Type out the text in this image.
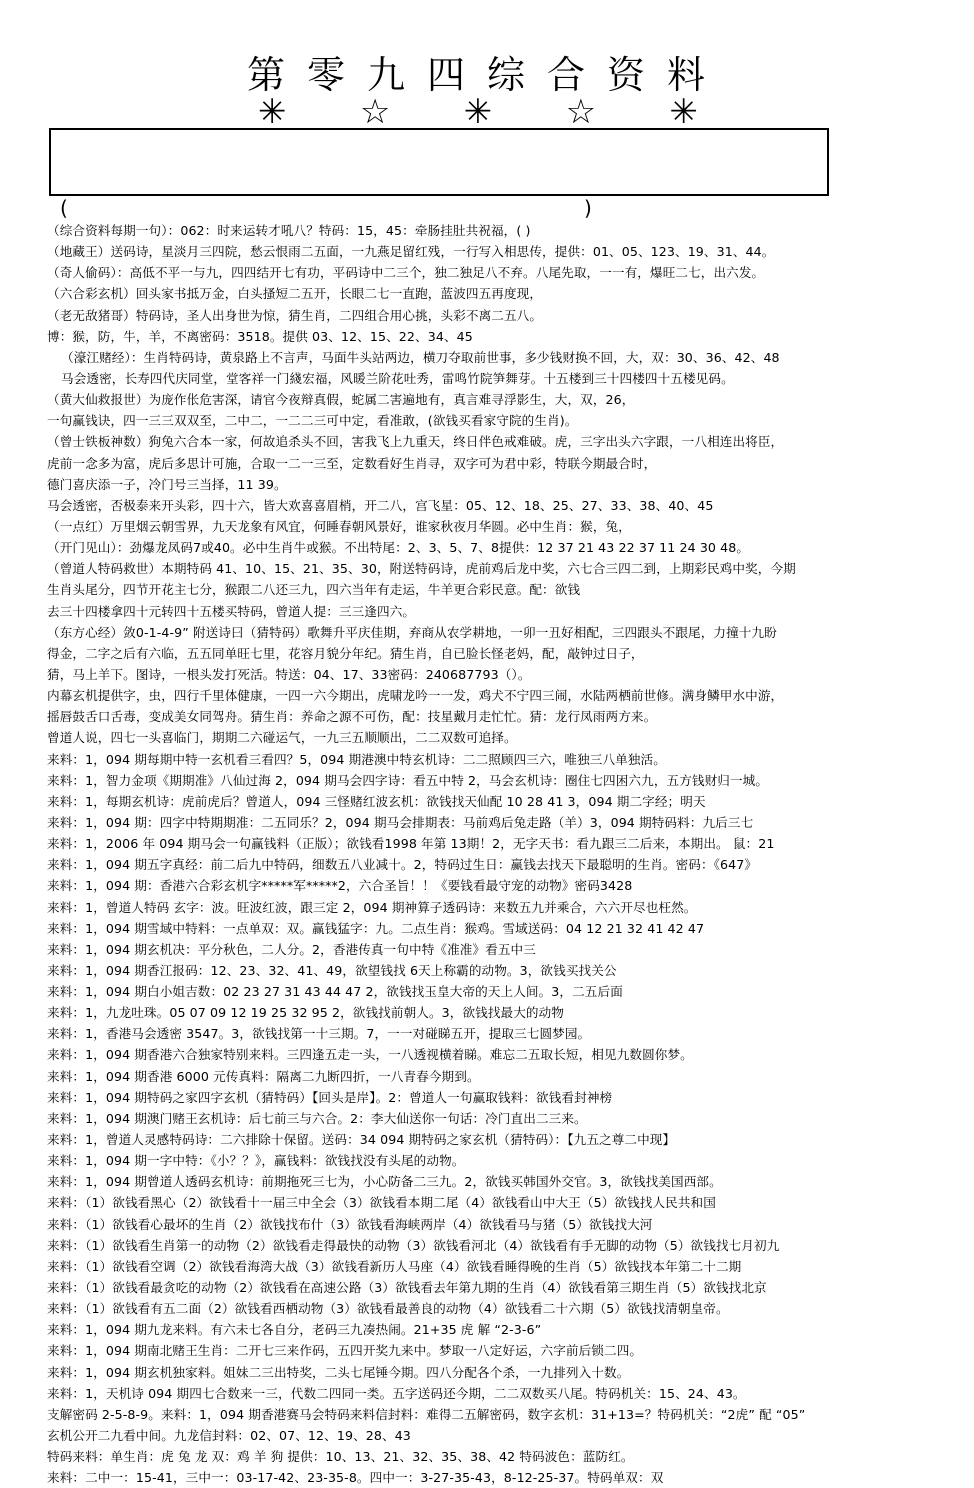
第零九四综合资料
✳ ☆ ✳ ☆ ✳
(	)
（综合资料每期一句）：062：时来运转才吼八？特码：15，45：牵肠挂肚共祝福，( )
（地藏王）送码诗，星淡月三四院，愁云恨雨二五面，一九燕足留红残，一行写入相思传，提供：01、05、123、19、31、44。
（奇人偷码）：高低不平一与九，四四结开七有功，平码诗中二三个，独二独足八不弃。八尾先取，一一有，爆旺二七，出六发。
（六合彩玄机）回头家书抵万金，白头搔短二五开，长眼二七一直跑，蓝波四五再度现，
（老无敌猪哥）特码诗，圣人出身世为惊，猜生肖，二四组合用心挑，头彩不离二五八。
博：猴，防，牛，羊，不离密码：3518。提供 03、12、15、22、34、45
（濠江赌经）：生肖特码诗，黄泉路上不言声，马面牛头站两边，横刀夺取前世事，多少钱财换不回，大，双：30、36、42、48
马会透密，长寿四代庆同堂，堂客祥一门綫宏福，风暖兰阶花吐秀，雷鸣竹院笋舞芽。十五楼到三十四楼四十五楼见码。
（黄大仙救报世）为庞作伥危害深，请官今夜辩真假，蛇属二害遍地有，真言难寻浮影生，大，双，26，
一句赢钱诀，四一三三双双至，二中二，一二二三可中定，看准敢，(欲钱买看家守院的生肖)。
（曾士铁板神数）狗兔六合本一家，何故追杀头不回，害我飞上九重天，终日伴色戒难破。虎，三字出头六字跟，一八相连出将臣，
虎前一念多为富，虎后多思计可施，合取一二一三至，定数看好生肖寻，双字可为君中彩，特联今期最合时，
德门喜庆添一子，冷门号三当择，11 39。
马会透密，否极泰来开头彩，四十六，皆大欢喜喜眉梢，开二八，宫飞星：05、12、18、25、27、33、38、40、45
（一点红）万里烟云朝雪界，九天龙象有风宜，何睡春朝风景好，谁家秋夜月华圆。必中生肖：猴，兔，
（开门见山）：劲爆龙凤码7或40。必中生肖牛或猴。不出特尾：2、3、5、7、8提供：12 37 21 43 22 37 11 24 30 48。
（曾道人特码救世）本期特码 41、10、15、21、35、30，附送特码诗，虎前鸡后龙中奖，六七合三四二到，上期彩民鸡中奖，今期
生肖头尾分，四节开花主七分，猴跟二八还三九，四六当年有走运，牛羊更合彩民意。配：欲钱
去三十四楼拿四十元转四十五楼买特码，曾道人提：三三逢四六。
（东方心经）敛0-1-4-9” 附送诗曰（猜特码）歌舞升平庆佳期，弃商从农学耕地，一卯一丑好相配，三四跟头不跟尾，力撞十九盼
得金，二字之后有六临，五五同单旺七里，花容月貌分年纪。猜生肖，自已脸长怪老妈，配，敲钟过日子，
猜，马上羊下。图诗，一根头发打死活。特送：04、17、33密码：240687793（）。
内幕玄机提供字，虫，四行千里体健康，一四一六今期出，虎啸龙吟一一发，鸡犬不宁四三闹，水陆两栖前世修。满身鳞甲水中游，
摇唇鼓舌口舌毒，变成美女同驾舟。猜生肖：养命之源不可伤，配：技星戴月走忙忙。猜：龙行凤雨两方来。
曾道人说，四七一头喜临门，期期二六碰运气，一九三五顺顺出，二二双数可追择。
来料：1，094 期每期中特一玄机看三看四？5，094 期港澳中特玄机诗：二二照顾四三六，唯独三八单独活。
来料：1，智力金项《期期准》八仙过海 2，094 期马会四字诗：看五中特 2，马会玄机诗：圈住七四困六九，五方钱财归一城。
来料：1，每期玄机诗：虎前虎后？曾道人，094 三怪赌红波玄机：欲钱找天仙配 10 28 41 3，094 期二字经；明天
来料：1，094 期：四字中特期期准：二五同乐？2，094 期马会排期表：马前鸡后兔走路（羊）3，094 期特码料：九后三七
来料：1，2006 年 094 期马会一句赢钱料（正版）；欲钱看1998 年第 13期！2，无字天书：看九跟三二后来，本期出。 鼠：21
来料：1，094 期五字真经：前二后九中特码，细数五八业减十。2，特码过生日：赢钱去找天下最聪明的生肖。密码：《647》
来料：1，094 期：香港六合彩玄机字*****军*****2，六合圣旨！！《要钱看最守宠的动物》密码3428
来料：1，曾道人特码 玄字：波。旺波红波，跟三定 2，094 期神算子透码诗：来数五九并乘合，六六开尽也枉然。
来料：1，094 期雪域中特料：一点单双：双。赢钱猛字：九。二点生肖：猴鸡。雪域送码：04 12 21 32 41 42 47
来料：1，094 期玄机决：平分秋色，二人分。2，香港传真一句中特《准准》看五中三
来料：1，094 期香江报码：12、23、32、41、49，欲望钱找 6天上称霸的动物。3，欲钱买找关公
来料：1，094 期白小姐吉数：02 23 27 31 43 44 47 2，欲钱找玉皇大帝的天上人间。3，二五后面
来料：1，九龙吐珠。05 07 09 12 19 25 32 95 2，欲钱找前朝人。3，欲钱找最大的动物
来料：1，香港马会透密 3547。3，欲钱找第一十三期。7，一一对碰睇五开，提取三七圆梦园。
来料：1，094 期香港六合独家特别来料。三四逢五走一头，一八透视横着睇。难忘二五取长短，相见九数圆你梦。
来料：1，094 期香港 6000 元传真料：隔离二九断四折，一八青春今期到。
来料：1，094 期特码之家四字玄机（猜特码）【回头是岸】。2：曾道人一句赢取钱料：欲钱看封神榜
来料：1，094 期澳门赌王玄机诗：后七前三与六合。2：李大仙送你一句话：冷门直出二三来。
来料：1，曾道人灵感特码诗：二六排除十保留。送码：34 094 期特码之家玄机（猜特码）：【九五之尊二中现】
来料：1，094 期一字中特：《小？？》，赢钱料：欲钱找没有头尾的动物。
来料：1，094 期曾道人透码玄机诗：前期拖死三七为，小心防备二三九。2，欲钱买韩国外交官。3，欲钱找美国西部。
来料：（1）欲钱看黑心（2）欲钱看十一届三中全会（3）欲钱看本期二尾（4）欲钱看山中大王（5）欲钱找人民共和国
来料：（1）欲钱看心最坏的生肖（2）欲钱找布什（3）欲钱看海峡两岸（4）欲钱看马与猪（5）欲钱找大河
来料：（1）欲钱看生肖第一的动物（2）欲钱看走得最快的动物（3）欲钱看河北（4）欲钱看有手无脚的动物（5）欲钱找七月初九
来料：（1）欲钱看空调（2）欲钱看海湾大战（3）欲钱看新历人马座（4）欲钱看睡得晚的生肖（5）欲钱找本年第二十二期
来料：（1）欲钱看最贪吃的动物（2）欲钱看在高速公路（3）欲钱看去年第九期的生肖（4）欲钱看第三期生肖（5）欲钱找北京
来料：（1）欲钱看有五二面（2）欲钱看西栖动物（3）欲钱看最善良的动物（4）欲钱看二十六期（5）欲钱找清朝皇帝。
来料：1，094 期九龙来料。有六未七各自分，老码三九凑热闹。21+35 虎 解 “2-3-6”
来料：1，094 期南北赌王生肖：二开七三来作码，五四开奖九来中。梦取一八定好运，六字前后锁二四。
来料：1，094 期玄机独家料。姐妹二三出特奖，二头七尾锤今期。四八分配各个杀，一九排列入十数。
来料：1，天机诗 094 期四七合数来一三，代数二四同一类。五字送码还今期，二二双数买八尾。特码机关：15、24、43。
支解密码 2-5-8-9。来料：1，094 期香港赛马会特码来料信封料：难得二五解密码，数字玄机：31+13=？特码机关：“2虎” 配 “05”
玄机公开二九看中间。九龙信封料：02、07、12、19、28、43
特码来料：单生肖：虎 兔 龙 双：鸡 羊 狗 提供：10、13、21、32、35、38、42 特码波色：蓝防红。
来料：二中一：15-41，三中一：03-17-42、23-35-8。四中一：3-27-35-43，8-12-25-37。特码单双：双
